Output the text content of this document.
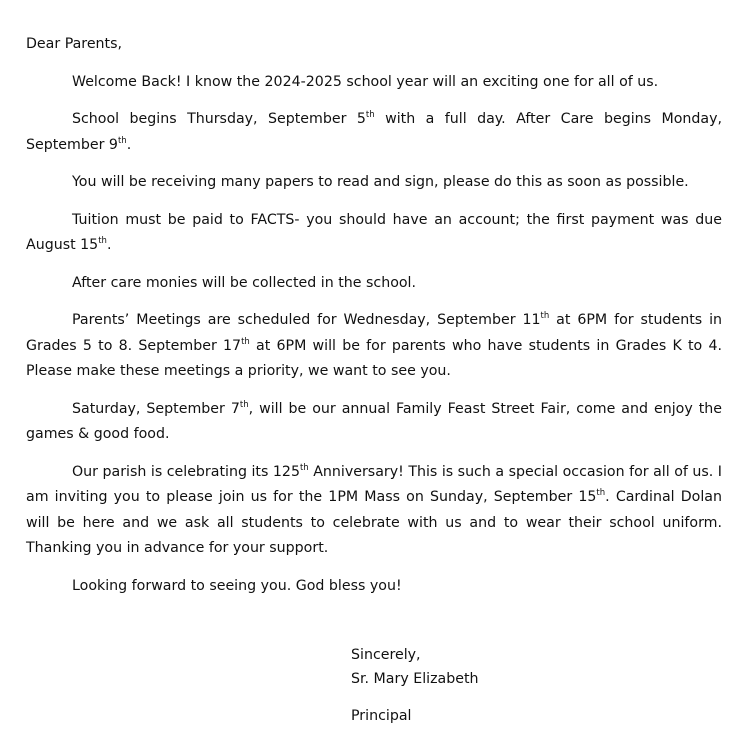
Dear Parents,

Welcome Back! I know the 2024-2025 school year will an exciting one for all of us.

School begins Thursday, September 5th with a full day. After Care begins Monday, September 9th.

You will be receiving many papers to read and sign, please do this as soon as possible.

Tuition must be paid to FACTS- you should have an account; the first payment was due August 15th.

After care monies will be collected in the school.

Parents’ Meetings are scheduled for Wednesday, September 11th at 6PM for students in Grades 5 to 8. September 17th at 6PM will be for parents who have students in Grades K to 4. Please make these meetings a priority, we want to see you.

Saturday, September 7th, will be our annual Family Feast Street Fair, come and enjoy the games & good food.

Our parish is celebrating its 125th Anniversary! This is such a special occasion for all of us. I am inviting you to please join us for the 1PM Mass on Sunday, September 15th. Cardinal Dolan will be here and we ask all students to celebrate with us and to wear their school uniform. Thanking you in advance for your support.

Looking forward to seeing you. God bless you!

Sincerely,
Sr. Mary Elizabeth
Principal
